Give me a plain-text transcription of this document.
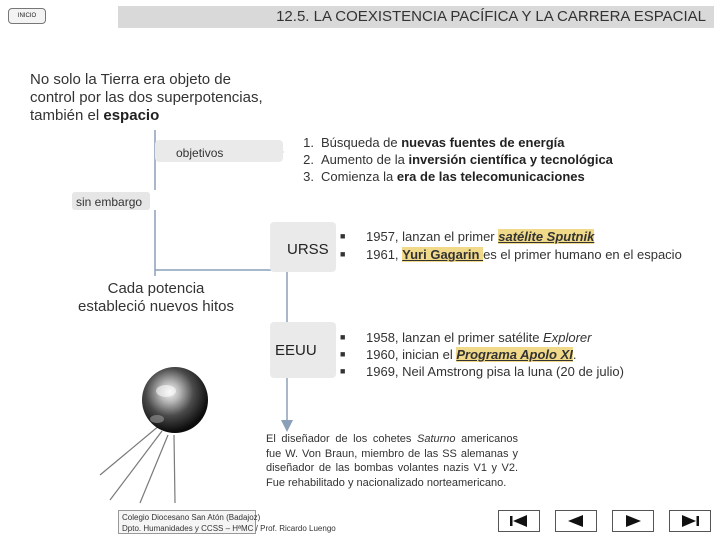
12.5. LA COEXISTENCIA PACÍFICA Y LA CARRERA ESPACIAL
INICIO
No solo la Tierra era objeto de
control por las dos superpotencias,
también el espacio
objetivos
1. Búsqueda de nuevas fuentes de energía
2. Aumento de la inversión científica y tecnológica
3. Comienza la era de las telecomunicaciones
sin embargo
Cada potencia
estableció nuevos hitos
URSS
■
■
1957, lanzan el primer satélite Sputnik
1961, Yuri Gagarin es el primer humano en el espacio
EEUU
■
■
■
1958, lanzan el primer satélite Explorer
1960, inician el Programa Apolo XI.
1969, Neil Amstrong pisa la luna (20 de julio)
El diseñador de los cohetes Saturno americanos fue W. Von Braun, miembro de las SS alemanas y diseñador de las bombas volantes nazis V1 y V2. Fue rehabilitado y nacionalizado norteamericano.
Colegio Diocesano San Atón (Badajoz)
Dpto. Humanidades y CCSS – HªMC / Prof. Ricardo Luengo
